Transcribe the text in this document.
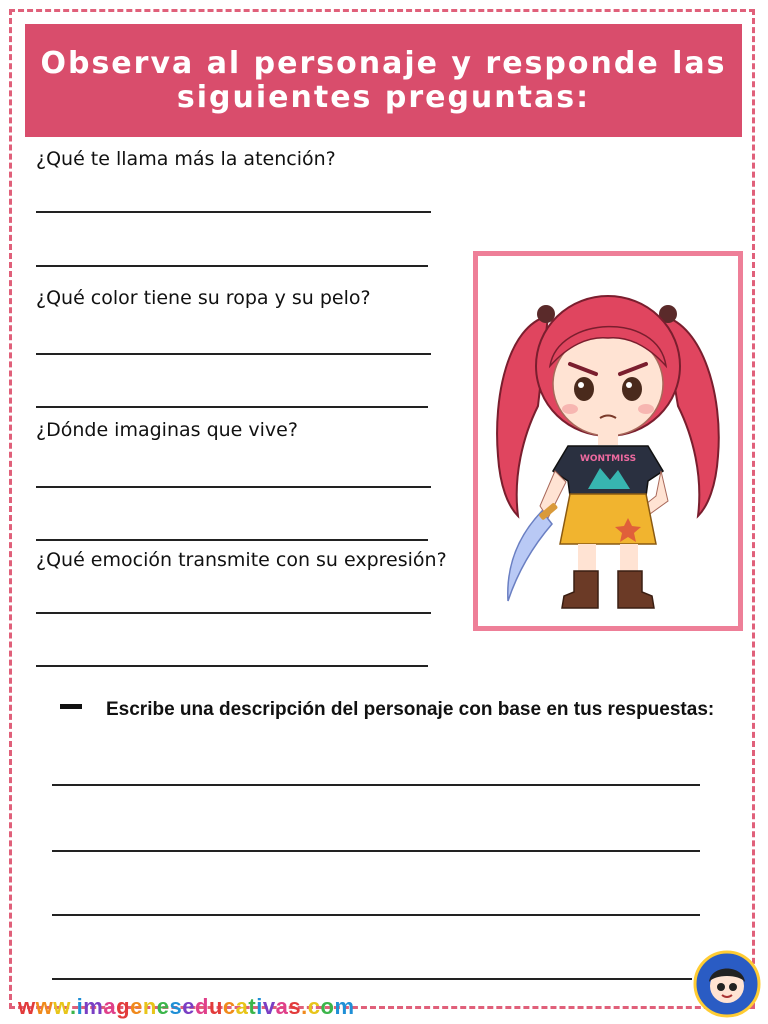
Observa al personaje y responde las siguientes preguntas:
¿Qué te llama más la atención?
¿Qué color tiene su ropa y su pelo?
¿Dónde imaginas que vive?
¿Qué emoción transmite con su expresión?
WONTMISS
Escribe una descripción del personaje con base en tus respuestas:
www.imageneseducativas.com
